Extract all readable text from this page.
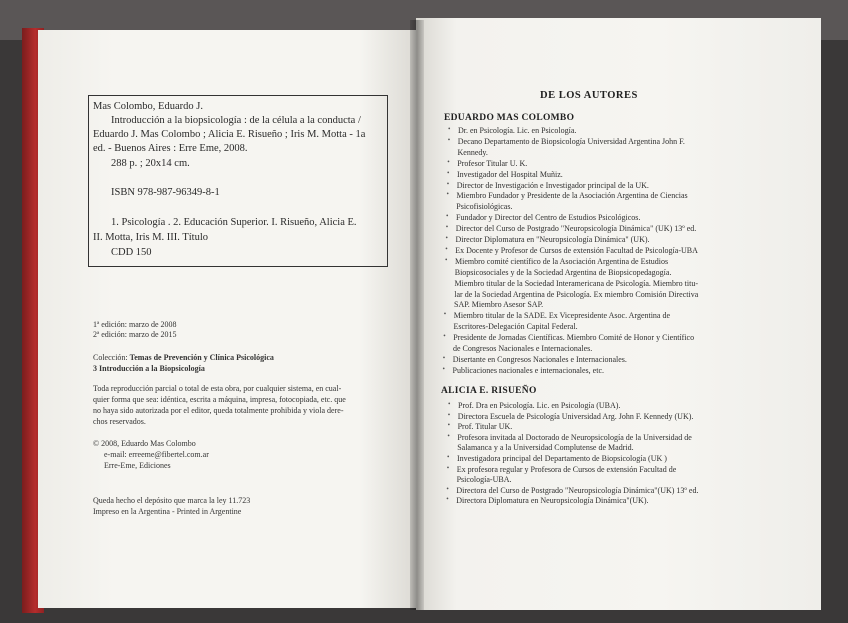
Mas Colombo, Eduardo J.
Introducción a la biopsicología : de la célula a la conducta /
Eduardo J. Mas Colombo ; Alicia E. Risueño ; Iris M. Motta - 1a
ed. - Buenos Aires : Erre Eme, 2008.
288 p. ; 20x14 cm.
ISBN 978-987-96349-8-1
1. Psicología . 2. Educación Superior. I. Risueño, Alicia E.
II. Motta, Iris M. III. Título
CDD 150
1ª edición: marzo de 2008
2ª edición: marzo de 2015
Colección: Temas de Prevención y Clínica Psicológica
3 Introducción a la Biopsicología
Toda reproducción parcial o total de esta obra, por cualquier sistema, en cual-
quier forma que sea: idéntica, escrita a máquina, impresa, fotocopiada, etc. que
no haya sido autorizada por el editor, queda totalmente prohibida y viola dere-
chos reservados.
© 2008, Eduardo Mas Colombo
e-mail: erreeme@fibertel.com.ar
Erre-Eme, Ediciones
Queda hecho el depósito que marca la ley 11.723
Impreso en la Argentina - Printed in Argentine
DE LOS AUTORES
EDUARDO MAS COLOMBO
• Dr. en Psicología. Lic. en Psicología.
• Decano Departamento de Biopsicología Universidad Argentina John F.
Kennedy.
• Profesor Titular U. K.
• Investigador del Hospital Muñiz.
• Director de Investigación e Investigador principal de la UK.
• Miembro Fundador y Presidente de la Asociación Argentina de Ciencias
Psicofisiológicas.
• Fundador y Director del Centro de Estudios Psicológicos.
• Director del Curso de Postgrado "Neuropsicología Dinámica" (UK) 13º ed.
• Director Diplomatura en "Neuropsicología Dinámica" (UK).
• Ex Docente y Profesor de Cursos de extensión Facultad de Psicología-UBA
• Miembro comité científico de la Asociación Argentina de Estudios
Biopsicosociales y de la Sociedad Argentina de Biopsicopedagogía.
Miembro titular de la Sociedad Interamericana de Psicología. Miembro titu-
lar de la Sociedad Argentina de Psicología. Ex miembro Comisión Directiva
SAP. Miembro Asesor SAP.
• Miembro titular de la SADE. Ex Vicepresidente Asoc. Argentina de
Escritores-Delegación Capital Federal.
• Presidente de Jornadas Científicas. Miembro Comité de Honor y Científico
de Congresos Nacionales e Internacionales.
• Disertante en Congresos Nacionales e Internacionales.
• Publicaciones nacionales e internacionales, etc.
ALICIA E. RISUEÑO
• Prof. Dra en Psicología. Lic. en Psicología (UBA).
• Directora Escuela de Psicología Universidad Arg. John F. Kennedy (UK).
• Prof. Titular UK.
• Profesora invitada al Doctorado de Neuropsicología de la Universidad de
Salamanca y a la Universidad Complutense de Madrid.
• Investigadora principal del Departamento de Biopsicología (UK )
• Ex profesora regular y Profesora de Cursos de extensión Facultad de
Psicología-UBA.
• Directora del Curso de Postgrado "Neuropsicología Dinámica"(UK) 13º ed.
• Directora Diplomatura en Neuropsicología Dinámica"(UK).
